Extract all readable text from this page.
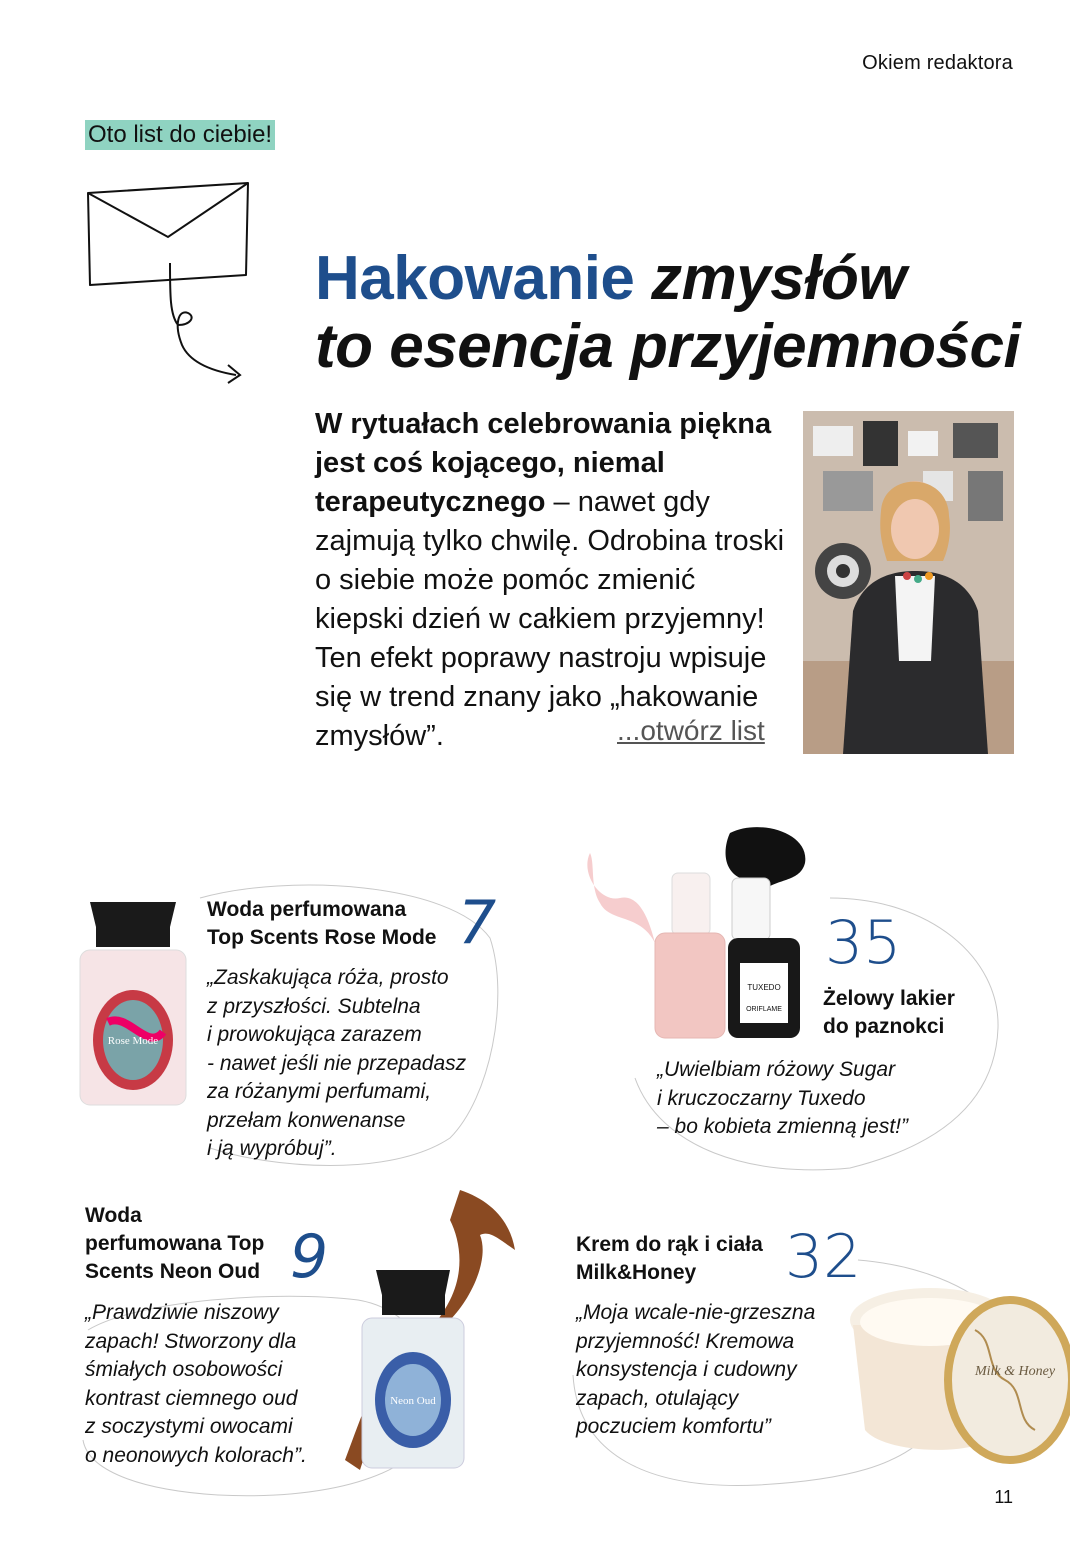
Okiem redaktora
Oto list do ciebie!
Hakowanie zmysłów
to esencja przyjemności
W rytuałach celebrowania piękna jest coś kojącego, niemal terapeutycznego – nawet gdy zajmują tylko chwilę. Odrobina troski o siebie może pomóc zmienić kiepski dzień w całkiem przyjemny! Ten efekt poprawy nastroju wpisuje się w trend znany jako „hakowanie zmysłów”.	...otwórz list
Rose Mode
Woda perfumowana
Top Scents Rose Mode 7
„Zaskakująca róża, prosto
z przyszłości. Subtelna
i prowokująca zarazem
- nawet jeśli nie przepadasz
za różanymi perfumami,
przełam konwenanse
i ją wypróbuj”.
TUXEDO
ORIFLAME
35
Żelowy lakier
do paznokci
„Uwielbiam różowy Sugar
i kruczoczarny Tuxedo
– bo kobieta zmienną jest!”
Neon Oud
Woda
perfumowana Top
Scents Neon Oud 9
„Prawdziwie niszowy
zapach! Stworzony dla
śmiałych osobowości
kontrast ciemnego oud
z soczystymi owocami
o neonowych kolorach”.
Milk & Honey
Krem do rąk i ciała
Milk&Honey	32
„Moja wcale-nie-grzeszna
przyjemność! Kremowa
konsystencja i cudowny
zapach, otulający
poczuciem komfortu”
11
